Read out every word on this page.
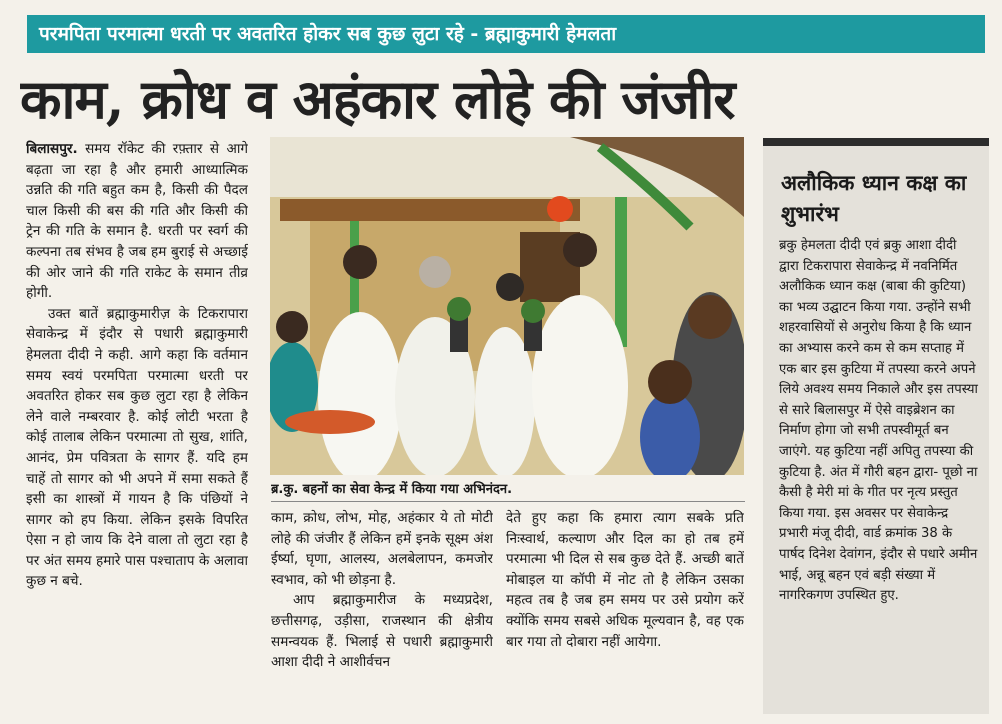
परमपिता परमात्मा धरती पर अवतरित होकर सब कुछ लुटा रहे - ब्रह्माकुमारी हेमलता
काम, क्रोध व अहंकार लोहे की जंजीर

बिलासपुर. समय रॉकेट की रफ़्तार से आगे बढ़ता जा रहा है और हमारी आध्यात्मिक उन्नति की गति बहुत कम है, किसी की पैदल चाल किसी की बस की गति और किसी की ट्रेन की गति के समान है. धरती पर स्वर्ग की कल्पना तब संभव है जब हम बुराई से अच्छाई की ओर जाने की गति राकेट के समान तीव्र होगी.

उक्त बातें ब्रह्माकुमारीज़ के टिकरापारा सेवाकेन्द्र में इंदौर से पधारी ब्रह्माकुमारी हेमलता दीदी ने कही. आगे कहा कि वर्तमान समय स्वयं परमपिता परमात्मा धरती पर अवतरित होकर सब कुछ लुटा रहा है लेकिन लेने वाले नम्बरवार है. कोई लोटी भरता है कोई तालाब लेकिन परमात्मा तो सुख, शांति, आनंद, प्रेम पवित्रता के सागर हैं. यदि हम चाहें तो सागर को भी अपने में समा सकते हैं इसी का शास्त्रों में गायन है कि पंछियों ने सागर को हप किया. लेकिन इसके विपरित ऐसा न हो जाय कि देने वाला तो लुटा रहा है पर अंत समय हमारे पास पश्चाताप के अलावा कुछ न बचे.

ब्र.कु. बहनों का सेवा केन्द्र में किया गया अभिनंदन.

काम, क्रोध, लोभ, मोह, अहंकार ये तो मोटी लोहे की जंजीर हैं लेकिन हमें इनके सूक्ष्म अंश ईर्ष्या, घृणा, आलस्य, अलबेलापन, कमजोर स्वभाव, को भी छोड़ना है.

आप ब्रह्माकुमारीज के मध्यप्रदेश, छत्तीसगढ़, उड़ीसा, राजस्थान की क्षेत्रीय समन्वयक हैं. भिलाई से पधारी ब्रह्माकुमारी आशा दीदी ने आशीर्वचन

देते हुए कहा कि हमारा त्याग सबके प्रति निःस्वार्थ, कल्याण और दिल का हो तब हमें परमात्मा भी दिल से सब कुछ देते हैं. अच्छी बातें मोबाइल या कॉपी में नोट तो है लेकिन उसका महत्व तब है जब हम समय पर उसे प्रयोग करें क्योंकि समय सबसे अधिक मूल्यवान है, वह एक बार गया तो दोबारा नहीं आयेगा.

अलौकिक ध्यान कक्ष का शुभारंभ
ब्रकु हेमलता दीदी एवं ब्रकु आशा दीदी द्वारा टिकरापारा सेवाकेन्द्र में नवनिर्मित अलौकिक ध्यान कक्ष (बाबा की कुटिया) का भव्य उद्घाटन किया गया. उन्होंने सभी शहरवासियों से अनुरोध किया है कि ध्यान का अभ्यास करने कम से कम सप्ताह में एक बार इस कुटिया में तपस्या करने अपने लिये अवश्य समय निकाले और इस तपस्या से सारे बिलासपुर में ऐसे वाइब्रेशन का निर्माण होगा जो सभी तपस्वीमूर्त बन जाएंगे. यह कुटिया नहीं अपितु तपस्या की कुटिया है. अंत में गौरी बहन द्वारा- पूछो ना कैसी है मेरी मां के गीत पर नृत्य प्रस्तुत किया गया. इस अवसर पर सेवाकेन्द्र प्रभारी मंजू दीदी, वार्ड क्रमांक 38 के पार्षद दिनेश देवांगन, इंदौर से पधारे अमीन भाई, अन्नू बहन एवं बड़ी संख्या में नागरिकगण उपस्थित हुए.
